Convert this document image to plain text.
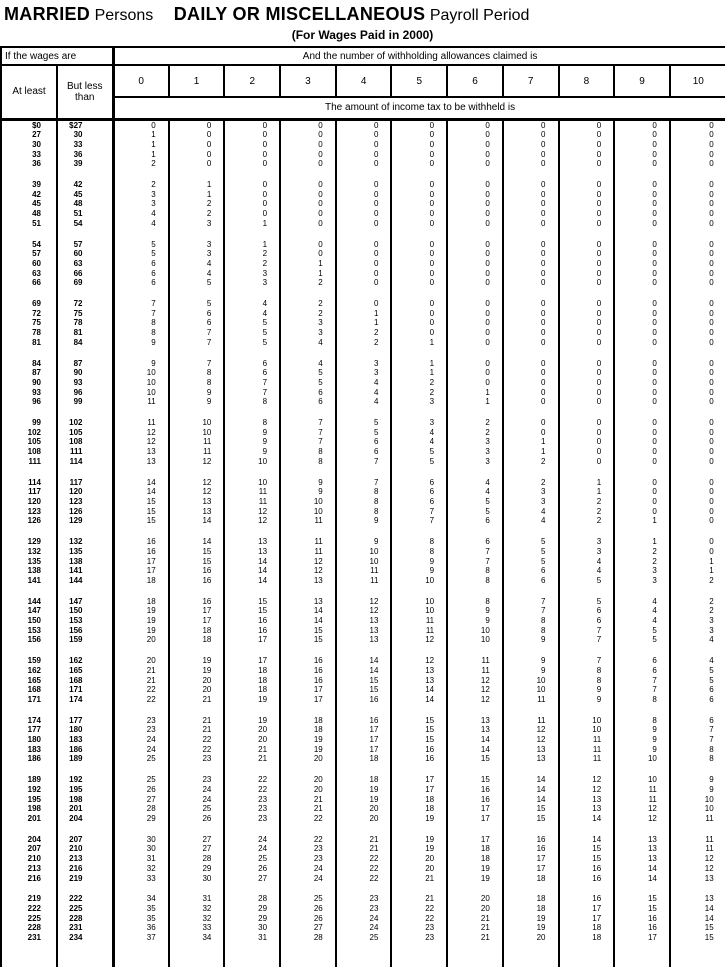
MARRIED Persons DAILY OR MISCELLANEOUS Payroll Period
(For Wages Paid in 2000)
If the wages are		And the number of withholding allowances claimed is										
At least	But less than	0	1	2	3	4	5	6	7	8	9	10
		The amount of income tax to be withheld is										
$0	$27	0	0	0	0	0	0	0	0	0	0	0
27	30	1	0	0	0	0	0	0	0	0	0	0
30	33	1	0	0	0	0	0	0	0	0	0	0
33	36	1	0	0	0	0	0	0	0	0	0	0
36	39	2	0	0	0	0	0	0	0	0	0	0

39	42	2	1	0	0	0	0	0	0	0	0	0
42	45	3	1	0	0	0	0	0	0	0	0	0
45	48	3	2	0	0	0	0	0	0	0	0	0
48	51	4	2	0	0	0	0	0	0	0	0	0
51	54	4	3	1	0	0	0	0	0	0	0	0

54	57	5	3	1	0	0	0	0	0	0	0	0
57	60	5	3	2	0	0	0	0	0	0	0	0
60	63	6	4	2	1	0	0	0	0	0	0	0
63	66	6	4	3	1	0	0	0	0	0	0	0
66	69	6	5	3	2	0	0	0	0	0	0	0

69	72	7	5	4	2	0	0	0	0	0	0	0
72	75	7	6	4	2	1	0	0	0	0	0	0
75	78	8	6	5	3	1	0	0	0	0	0	0
78	81	8	7	5	3	2	0	0	0	0	0	0
81	84	9	7	5	4	2	1	0	0	0	0	0

84	87	9	7	6	4	3	1	0	0	0	0	0
87	90	10	8	6	5	3	1	0	0	0	0	0
90	93	10	8	7	5	4	2	0	0	0	0	0
93	96	10	9	7	6	4	2	1	0	0	0	0
96	99	11	9	8	6	4	3	1	0	0	0	0

99	102	11	10	8	7	5	3	2	0	0	0	0
102	105	12	10	9	7	5	4	2	0	0	0	0
105	108	12	11	9	7	6	4	3	1	0	0	0
108	111	13	11	9	8	6	5	3	1	0	0	0
111	114	13	12	10	8	7	5	3	2	0	0	0

114	117	14	12	10	9	7	6	4	2	1	0	0
117	120	14	12	11	9	8	6	4	3	1	0	0
120	123	15	13	11	10	8	6	5	3	2	0	0
123	126	15	13	12	10	8	7	5	4	2	0	0
126	129	15	14	12	11	9	7	6	4	2	1	0

129	132	16	14	13	11	9	8	6	5	3	1	0
132	135	16	15	13	11	10	8	7	5	3	2	0
135	138	17	15	14	12	10	9	7	5	4	2	1
138	141	17	16	14	12	11	9	8	6	4	3	1
141	144	18	16	14	13	11	10	8	6	5	3	2

144	147	18	16	15	13	12	10	8	7	5	4	2
147	150	19	17	15	14	12	10	9	7	6	4	2
150	153	19	17	16	14	13	11	9	8	6	4	3
153	156	19	18	16	15	13	11	10	8	7	5	3
156	159	20	18	17	15	13	12	10	9	7	5	4

159	162	20	19	17	16	14	12	11	9	7	6	4
162	165	21	19	18	16	14	13	11	9	8	6	5
165	168	21	20	18	16	15	13	12	10	8	7	5
168	171	22	20	18	17	15	14	12	10	9	7	6
171	174	22	21	19	17	16	14	12	11	9	8	6

174	177	23	21	19	18	16	15	13	11	10	8	6
177	180	23	21	20	18	17	15	13	12	10	9	7
180	183	24	22	20	19	17	15	14	12	11	9	7
183	186	24	22	21	19	17	16	14	13	11	9	8
186	189	25	23	21	20	18	16	15	13	11	10	8

189	192	25	23	22	20	18	17	15	14	12	10	9
192	195	26	24	22	20	19	17	16	14	12	11	9
195	198	27	24	23	21	19	18	16	14	13	11	10
198	201	28	25	23	21	20	18	17	15	13	12	10
201	204	29	26	23	22	20	19	17	15	14	12	11

204	207	30	27	24	22	21	19	17	16	14	13	11
207	210	30	27	24	23	21	19	18	16	15	13	11
210	213	31	28	25	23	22	20	18	17	15	13	12
213	216	32	29	26	24	22	20	19	17	16	14	12
216	219	33	30	27	24	22	21	19	18	16	14	13

219	222	34	31	28	25	23	21	20	18	16	15	13
222	225	35	32	29	26	23	22	20	18	17	15	14
225	228	35	32	29	26	24	22	21	19	17	16	14
228	231	36	33	30	27	24	23	21	19	18	16	15
231	234	37	34	31	28	25	23	21	20	18	17	15
